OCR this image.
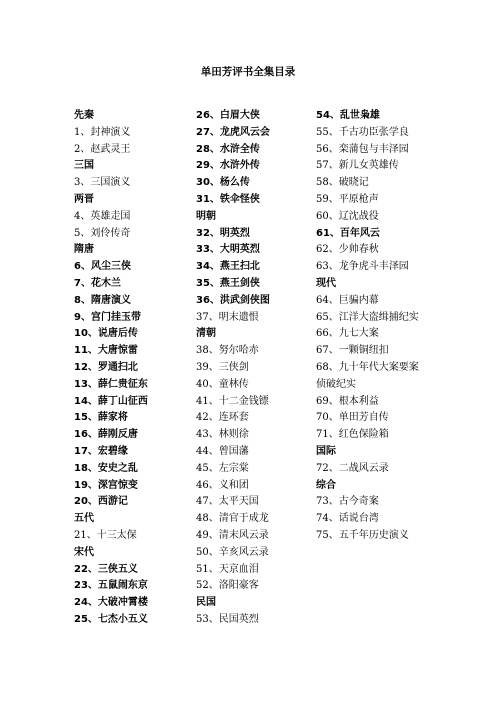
单田芳评书全集目录
先秦
1、封神演义
2、赵武灵王
三国
3、三国演义
两晋
4、英雄走国
5、刘伶传奇
隋唐
6、风尘三侠
7、花木兰
8、隋唐演义
9、宫门挂玉带
10、说唐后传
11、大唐惊雷
12、罗通扫北
13、薛仁贵征东
14、薛丁山征西
15、薛家将
16、薛刚反唐
17、宏碧缘
18、安史之乱
19、深宫惊变
20、西游记
五代
21、十三太保
宋代
22、三侠五义
23、五鼠闹东京
24、大破冲霄楼
25、七杰小五义
26、白眉大侠
27、龙虎风云会
28、水浒全传
29、水浒外传
30、杨么传
31、铁伞怪侠
明朝
32、明英烈
33、大明英烈
34、燕王扫北
35、燕王剑侠
36、洪武剑侠图
37、明末遗恨
清朝
38、努尔哈赤
39、三侠剑
40、童林传
41、十二金钱镖
42、连环套
43、林则徐
44、曾国藩
45、左宗棠
46、义和团
47、太平天国
48、清官于成龙
49、清末风云录
50、辛亥风云录
51、天京血泪
52、洛阳豪客
民国
53、民国英烈
54、乱世枭雄
55、千古功臣张学良
56、栾蒲包与丰泽园
57、新儿女英雄传
58、破晓记
59、平原枪声
60、辽沈战役
61、百年风云
62、少帅春秋
63、龙争虎斗丰泽园
现代
64、巨骗内幕
65、江洋大盗缉捕纪实
66、九七大案
67、一颗铜纽扣
68、九十年代大案要案侦破纪实
69、根本利益
70、单田芳自传
71、红色保险箱
国际
72、二战风云录
综合
73、古今奇案
74、话说台湾
75、五千年历史演义
